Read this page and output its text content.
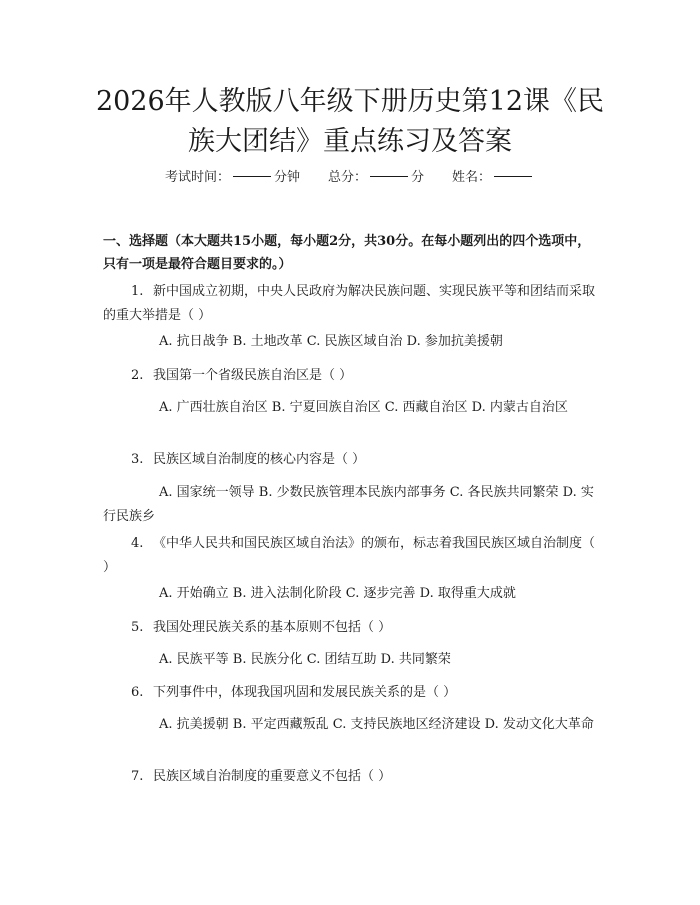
2026年人教版八年级下册历史第12课《民族大团结》重点练习及答案
考试时间：	分钟 总分：	分 姓名：

一、选择题（本大题共15小题，每小题2分，共30分。在每小题列出的四个选项中，只有一项是最符合题目要求的。）

1. 新中国成立初期，中央人民政府为解决民族问题、实现民族平等和团结而采取的重大举措是（ ）

A. 抗日战争 B. 土地改革 C. 民族区域自治 D. 参加抗美援朝

2. 我国第一个省级民族自治区是（ ）

A. 广西壮族自治区 B. 宁夏回族自治区 C. 西藏自治区 D. 内蒙古自治区

3. 民族区域自治制度的核心内容是（ ）

A. 国家统一领导 B. 少数民族管理本民族内部事务 C. 各民族共同繁荣 D. 实行民族乡

4. 《中华人民共和国民族区域自治法》的颁布，标志着我国民族区域自治制度（ ）

A. 开始确立 B. 进入法制化阶段 C. 逐步完善 D. 取得重大成就

5. 我国处理民族关系的基本原则不包括（ ）

A. 民族平等 B. 民族分化 C. 团结互助 D. 共同繁荣

6. 下列事件中，体现我国巩固和发展民族关系的是（ ）

A. 抗美援朝 B. 平定西藏叛乱 C. 支持民族地区经济建设 D. 发动文化大革命

7. 民族区域自治制度的重要意义不包括（ ）
